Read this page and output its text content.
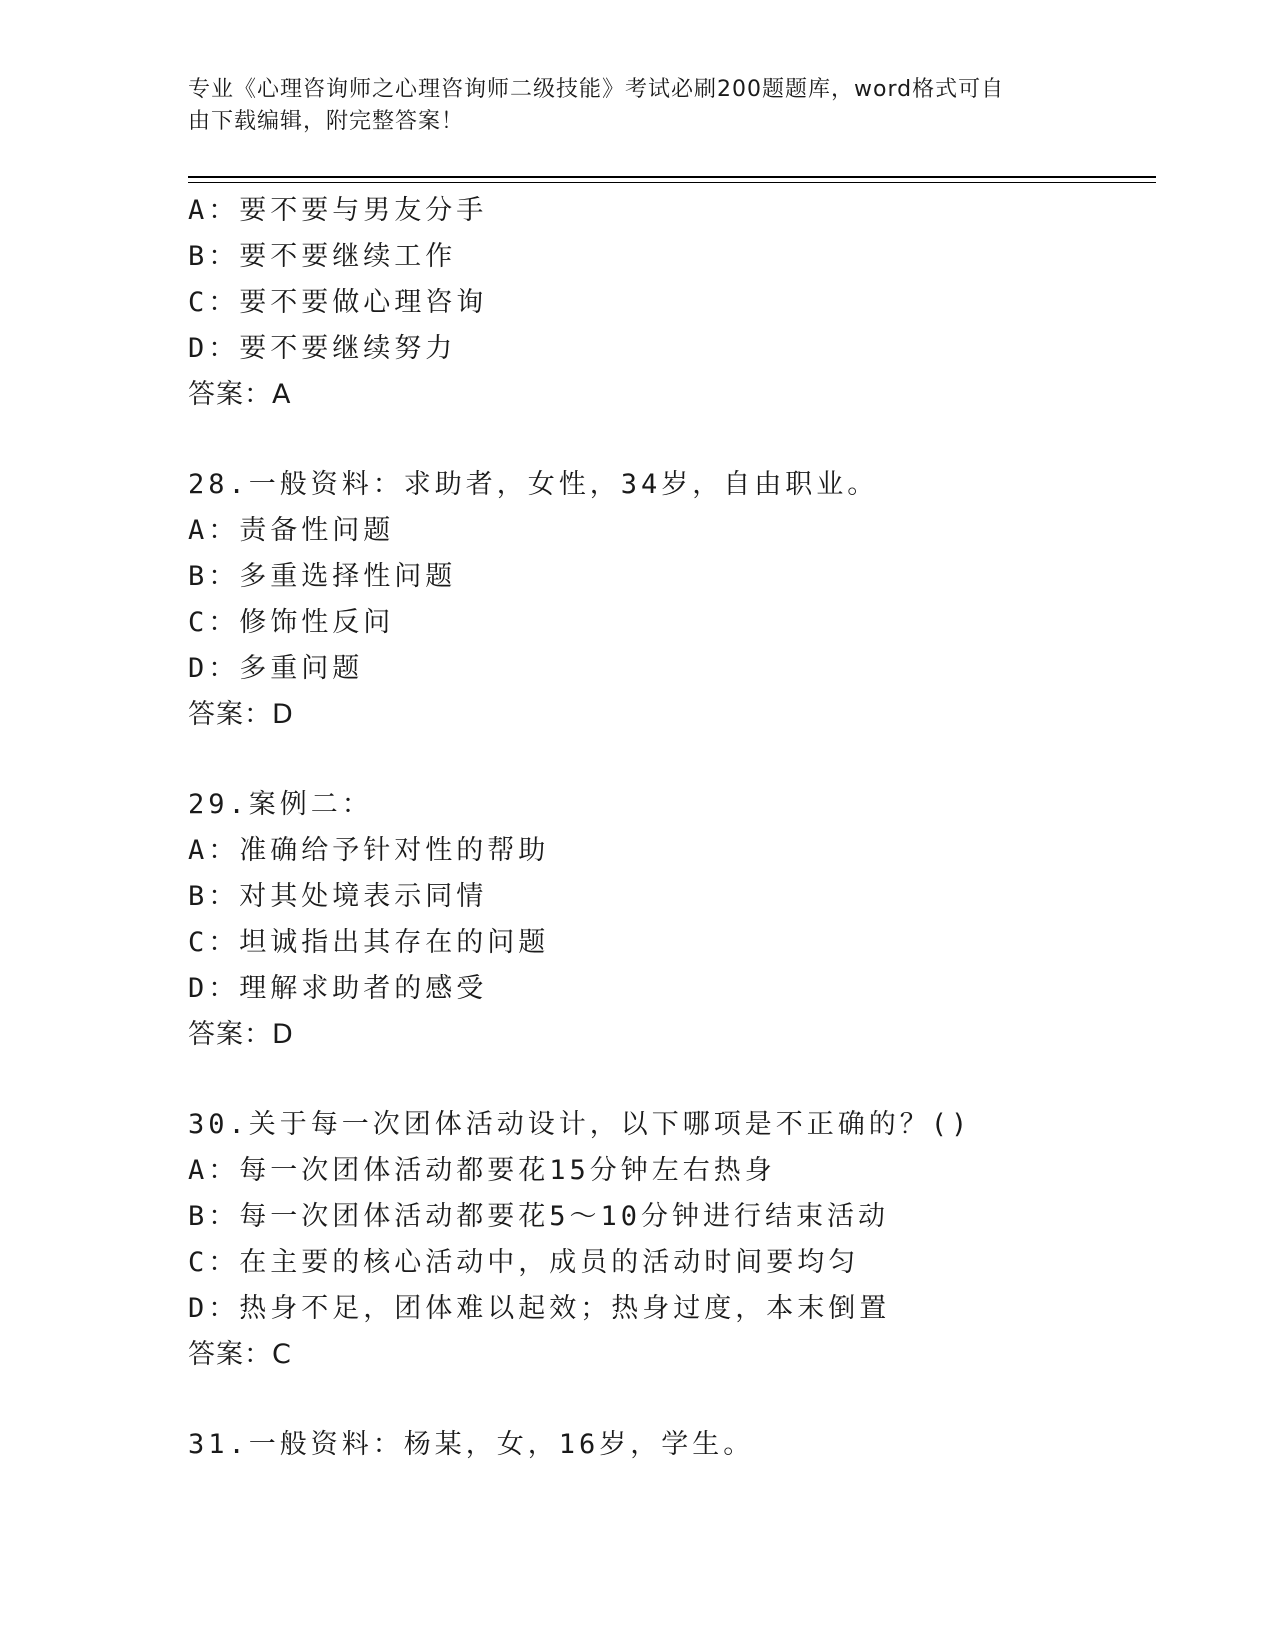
专业《心理咨询师之心理咨询师二级技能》考试必刷200题题库，word格式可自
由下载编辑，附完整答案！
A：要不要与男友分手
B：要不要继续工作
C：要不要做心理咨询
D：要不要继续努力
答案：A
28.一般资料：求助者，女性，34岁，自由职业。
A：责备性问题
B：多重选择性问题
C：修饰性反问
D：多重问题
答案：D
29.案例二：
A：准确给予针对性的帮助
B：对其处境表示同情
C：坦诚指出其存在的问题
D：理解求助者的感受
答案：D
30.关于每一次团体活动设计，以下哪项是不正确的？()
A：每一次团体活动都要花15分钟左右热身
B：每一次团体活动都要花5～10分钟进行结束活动
C：在主要的核心活动中，成员的活动时间要均匀
D：热身不足，团体难以起效；热身过度，本末倒置
答案：C
31.一般资料：杨某，女，16岁，学生。
